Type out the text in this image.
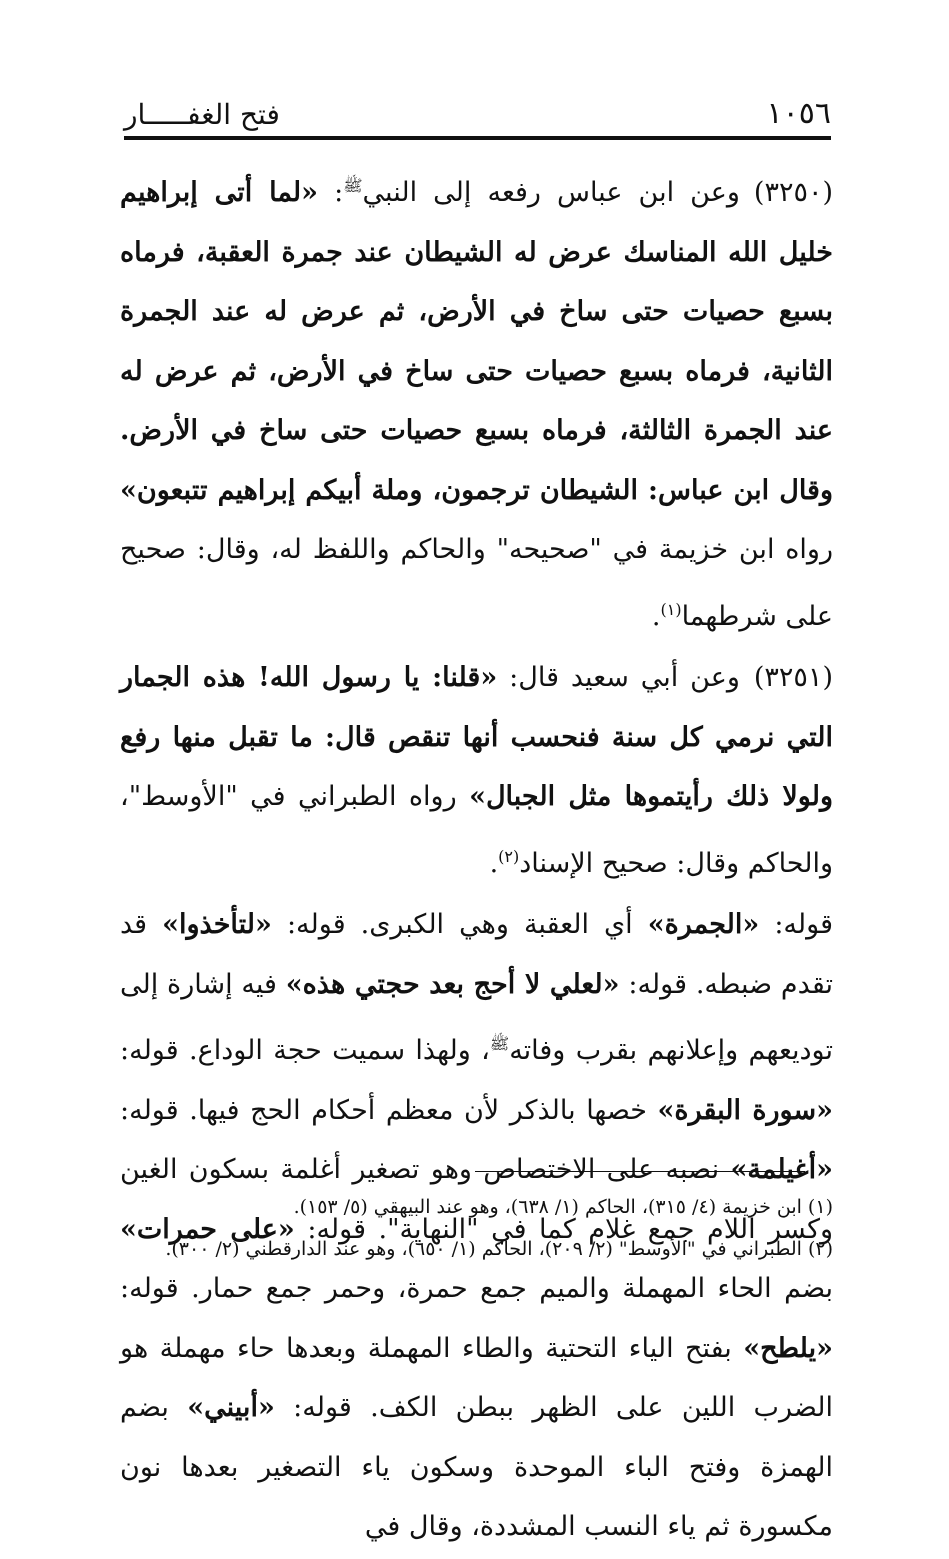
١٠٥٦
فتح الغفـــــار

(٣٢٥٠)وعن ابن عباس رفعه إلى النبي$^ﷺ$: «لما أتى إبراهيم خليل الله المناسك عرض له الشيطان عند جمرة العقبة، فرماه بسبع حصيات حتى ساخ في الأرض، ثم عرض له عند الجمرة الثانية، فرماه بسبع حصيات حتى ساخ في الأرض، ثم عرض له عند الجمرة الثالثة، فرماه بسبع حصيات حتى ساخ في الأرض. وقال ابن عباس: الشيطان ترجمون، وملة أبيكم إبراهيم تتبعون» رواه ابن خزيمة في "صحيحه" والحاكم واللفظ له، وقال: صحيح على شرطهما$^{(١)}$.

(٣٢٥١)وعن أبي سعيد قال: «قلنا: يا رسول الله! هذه الجمار التي نرمي كل سنة فنحسب أنها تنقص قال: ما تقبل منها رفع ولولا ذلك رأيتموها مثل الجبال» رواه الطبراني في "الأوسط"، والحاكم وقال: صحيح الإسناد$^{(٢)}$.

قوله: «الجمرة» أي العقبة وهي الكبرى. قوله: «لتأخذوا» قد تقدم ضبطه. قوله: «لعلي لا أحج بعد حجتي هذه» فيه إشارة إلى توديعهم وإعلانهم بقرب وفاته$^ﷺ$، ولهذا سميت حجة الوداع. قوله: «سورة البقرة» خصها بالذكر لأن معظم أحكام الحج فيها. قوله: «أغيلمة» نصبه على الاختصاص وهو تصغير أغلمة بسكون الغين وكسر اللام جمع غلام كما في "النهاية". قوله: «على حمرات» بضم الحاء المهملة والميم جمع حمرة، وحمر جمع حمار. قوله: «يلطح» بفتح الياء التحتية والطاء المهملة وبعدها حاء مهملة هو الضرب اللين على الظهر ببطن الكف. قوله: «أبيني» بضم الهمزة وفتح الباء الموحدة وسكون ياء التصغير بعدها نون مكسورة ثم ياء النسب المشددة، وقال في

(١) ابن خزيمة (٤/ ٣١٥)، الحاكم (١/ ٦٣٨)، وهو عند البيهقي (٥/ ١٥٣).

(٢) الطبراني في "الأوسط" (٢/ ٢٠٩)، الحاكم (١/ ٦٥٠)، وهو عند الدارقطني (٢/ ٣٠٠).
